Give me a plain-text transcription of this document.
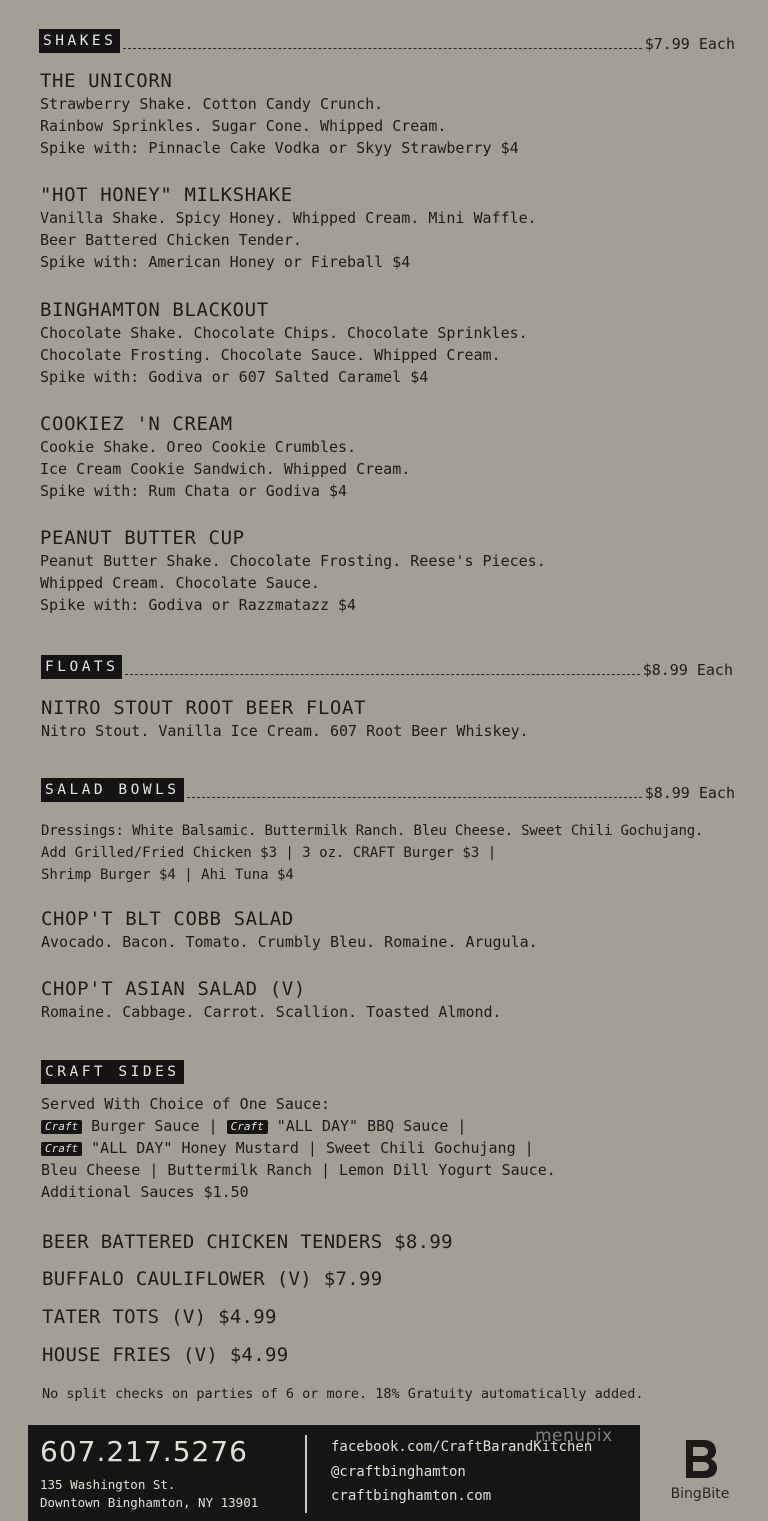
SHAKES	$7.99 Each
THE UNICORN
Strawberry Shake. Cotton Candy Crunch.
Rainbow Sprinkles. Sugar Cone. Whipped Cream.
Spike with: Pinnacle Cake Vodka or Skyy Strawberry $4
"HOT HONEY" MILKSHAKE
Vanilla Shake. Spicy Honey. Whipped Cream. Mini Waffle.
Beer Battered Chicken Tender.
Spike with: American Honey or Fireball $4
BINGHAMTON BLACKOUT
Chocolate Shake. Chocolate Chips. Chocolate Sprinkles.
Chocolate Frosting. Chocolate Sauce. Whipped Cream.
Spike with: Godiva or 607 Salted Caramel $4
COOKIEZ 'N CREAM
Cookie Shake. Oreo Cookie Crumbles.
Ice Cream Cookie Sandwich. Whipped Cream.
Spike with: Rum Chata or Godiva $4
PEANUT BUTTER CUP
Peanut Butter Shake. Chocolate Frosting. Reese's Pieces.
Whipped Cream. Chocolate Sauce.
Spike with: Godiva or Razzmatazz $4
FLOATS	$8.99 Each
NITRO STOUT ROOT BEER FLOAT
Nitro Stout. Vanilla Ice Cream. 607 Root Beer Whiskey.
SALAD BOWLS	$8.99 Each
Dressings: White Balsamic. Buttermilk Ranch. Bleu Cheese. Sweet Chili Gochujang.
Add Grilled/Fried Chicken $3 | 3 oz. CRAFT Burger $3 |
Shrimp Burger $4 | Ahi Tuna $4
CHOP'T BLT COBB SALAD
Avocado. Bacon. Tomato. Crumbly Bleu. Romaine. Arugula.
CHOP'T ASIAN SALAD (V)
Romaine. Cabbage. Carrot. Scallion. Toasted Almond.
CRAFT SIDES
Served With Choice of One Sauce:
Craft Burger Sauce | Craft "ALL DAY" BBQ Sauce |
Craft "ALL DAY" Honey Mustard | Sweet Chili Gochujang |
Bleu Cheese | Buttermilk Ranch | Lemon Dill Yogurt Sauce.
Additional Sauces $1.50
BEER BATTERED CHICKEN TENDERS $8.99
BUFFALO CAULIFLOWER (V) $7.99
TATER TOTS (V) $4.99
HOUSE FRIES (V) $4.99
No split checks on parties of 6 or more. 18% Gratuity automatically added.
607.217.5276
135 Washington St.
Downtown Binghamton, NY 13901
facebook.com/CraftBarandKitchen
@craftbinghamton
craftbinghamton.com
menupix
BingBite
